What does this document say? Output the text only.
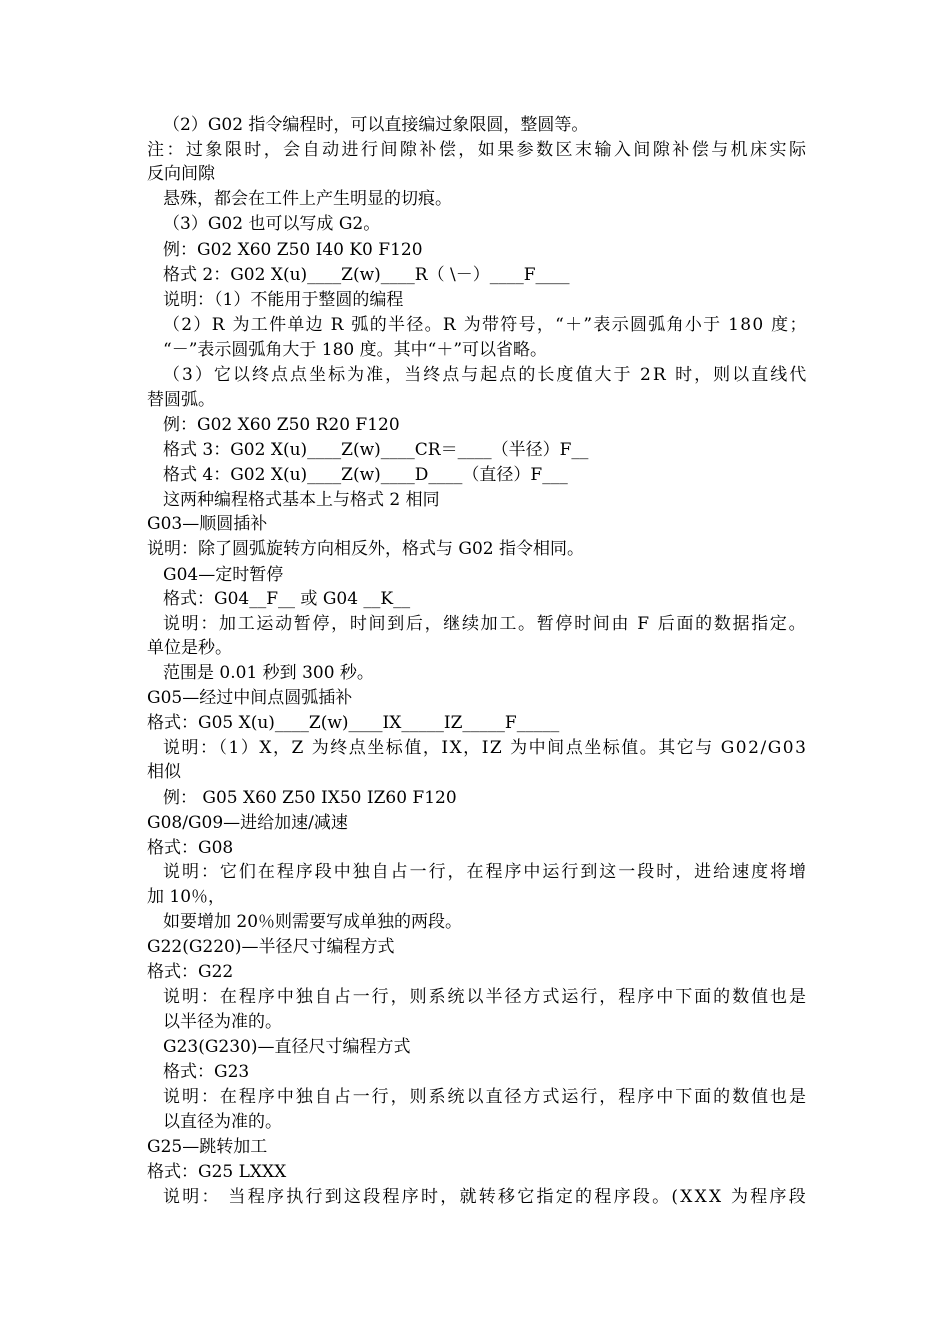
（2）G02 指令编程时，可以直接编过象限圆，整圆等。
注：过象限时，会自动进行间隙补偿，如果参数区末输入间隙补偿与机床实际
反向间隙
悬殊，都会在工件上产生明显的切痕。
（3）G02 也可以写成 G2。
例：G02 X60 Z50 I40 K0 F120
格式 2：G02 X(u)____Z(w)____R（ \－）____F____
说明：（1）不能用于整圆的编程
（2）R 为工件单边 R 弧的半径。R 为带符号，“＋”表示圆弧角小于 180 度；
“－”表示圆弧角大于 180 度。其中“＋”可以省略。
（3）它以终点点坐标为准，当终点与起点的长度值大于 2R 时，则以直线代
替圆弧。
例：G02 X60 Z50 R20 F120
格式 3：G02 X(u)____Z(w)____CR＝____（半径）F__
格式 4：G02 X(u)____Z(w)____D____（直径）F___
这两种编程格式基本上与格式 2 相同
G03—顺圆插补
说明：除了圆弧旋转方向相反外，格式与 G02 指令相同。
G04—定时暂停
格式：G04__F__ 或 G04 __K__
说明：加工运动暂停，时间到后，继续加工。暂停时间由 F 后面的数据指定。
单位是秒。
范围是 0.01 秒到 300 秒。
G05—经过中间点圆弧插补
格式：G05 X(u)____Z(w)____IX_____IZ_____F_____
说明：（1）X，Z 为终点坐标值，IX，IZ 为中间点坐标值。其它与 G02/G03
相似
例： G05 X60 Z50 IX50 IZ60 F120
G08/G09—进给加速/减速
格式：G08
说明：它们在程序段中独自占一行，在程序中运行到这一段时，进给速度将增
加 10％，
如要增加 20％则需要写成单独的两段。
G22(G220)—半径尺寸编程方式
格式：G22
说明：在程序中独自占一行，则系统以半径方式运行，程序中下面的数值也是
以半径为准的。
G23(G230)—直径尺寸编程方式
格式：G23
说明：在程序中独自占一行，则系统以直径方式运行，程序中下面的数值也是
以直径为准的。
G25—跳转加工
格式：G25 LXXX
说明： 当程序执行到这段程序时，就转移它指定的程序段。(XXX 为程序段
